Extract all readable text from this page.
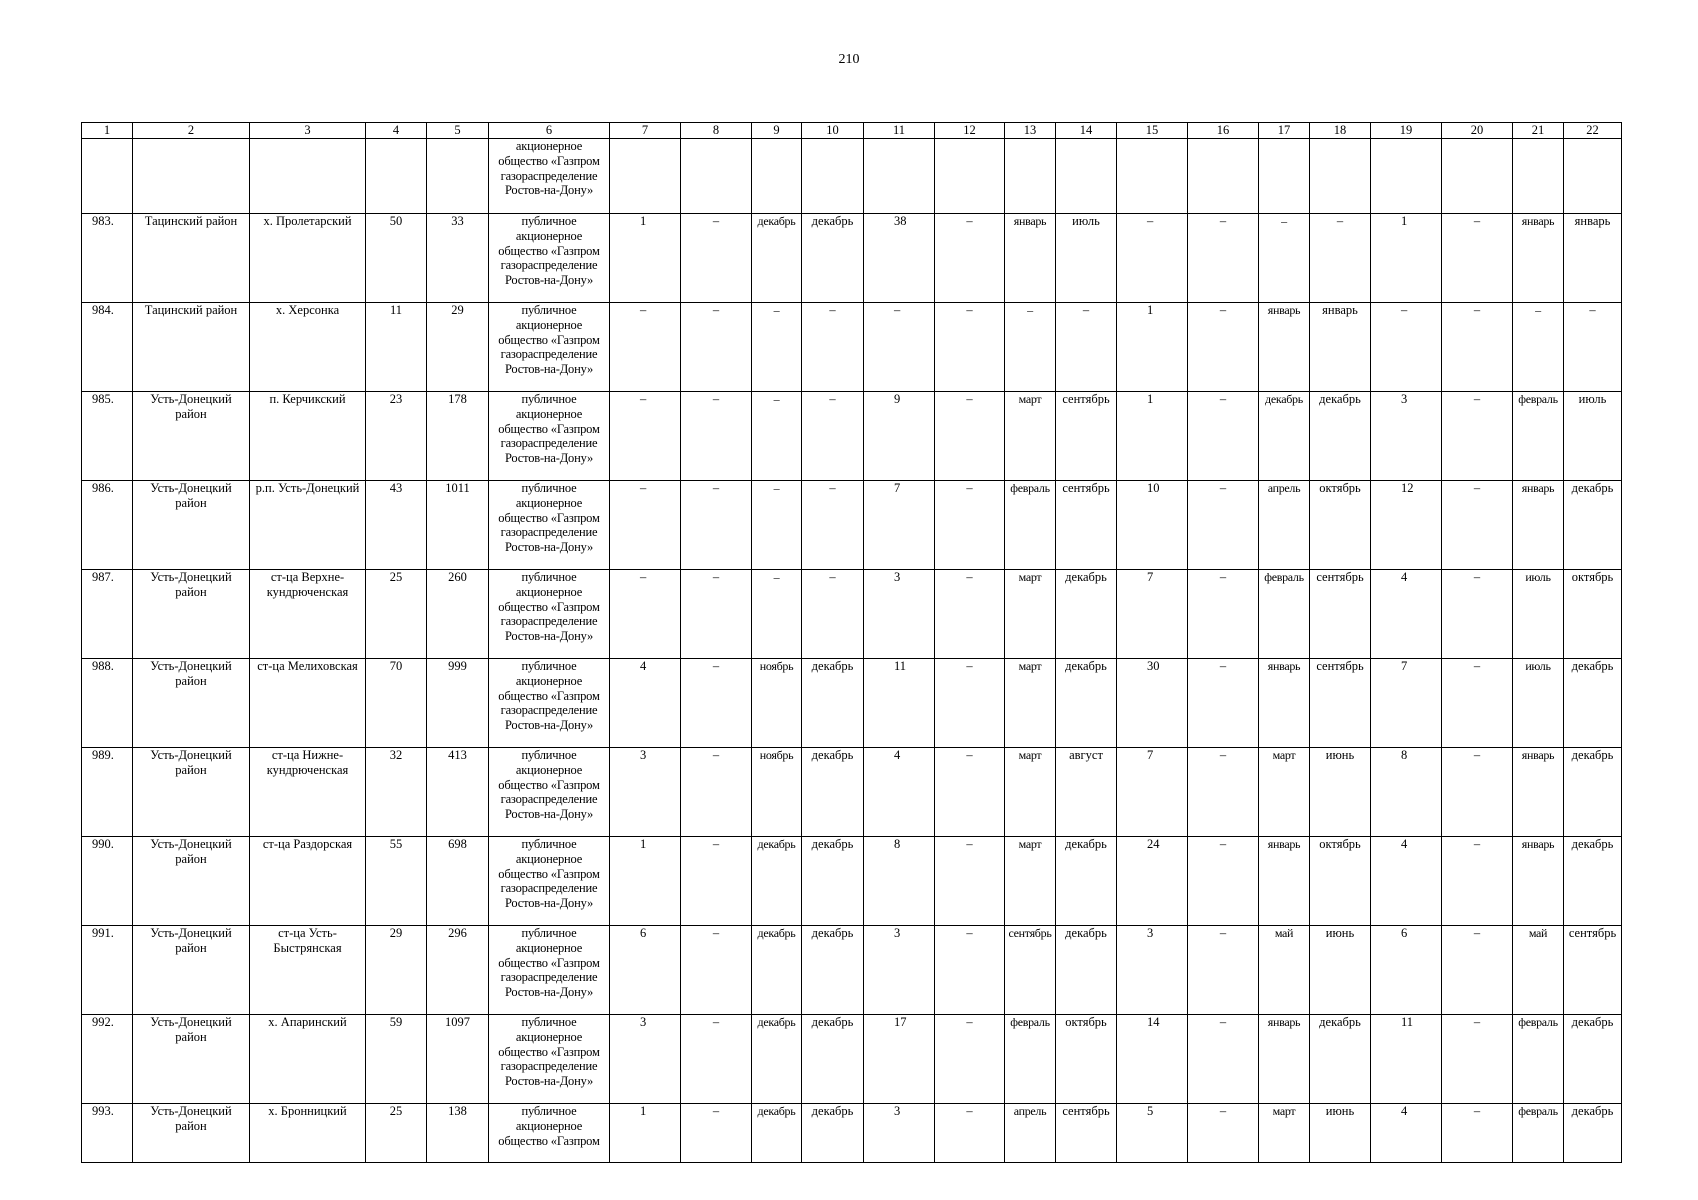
210
1	2	3	4	5	6	7	8	9	10	11	12	13	14	15	16	17	18	19	20	21	22
					акционерное общество «Газпром газораспределение Ростов-на-Дону»																
983.	Тацинский район	х. Пролетарский	50	33	публичное акционерное общество «Газпром газораспределение Ростов-на-Дону»	1	–	декабрь	декабрь	38	–	январь	июль	–	–	–	–	1	–	январь	январь
984.	Тацинский район	х. Херсонка	11	29	публичное акционерное общество «Газпром газораспределение Ростов-на-Дону»	–	–	–	–	–	–	–	–	1	–	январь	январь	–	–	–	–
985.	Усть-Донецкий район	п. Керчикский	23	178	публичное акционерное общество «Газпром газораспределение Ростов-на-Дону»	–	–	–	–	9	–	март	сентябрь	1	–	декабрь	декабрь	3	–	февраль	июль
986.	Усть-Донецкий район	р.п. Усть-Донецкий	43	1011	публичное акционерное общество «Газпром газораспределение Ростов-на-Дону»	–	–	–	–	7	–	февраль	сентябрь	10	–	апрель	октябрь	12	–	январь	декабрь
987.	Усть-Донецкий район	ст-ца Верхне-кундрюченская	25	260	публичное акционерное общество «Газпром газораспределение Ростов-на-Дону»	–	–	–	–	3	–	март	декабрь	7	–	февраль	сентябрь	4	–	июль	октябрь
988.	Усть-Донецкий район	ст-ца Мелиховская	70	999	публичное акционерное общество «Газпром газораспределение Ростов-на-Дону»	4	–	ноябрь	декабрь	11	–	март	декабрь	30	–	январь	сентябрь	7	–	июль	декабрь
989.	Усть-Донецкий район	ст-ца Нижне-кундрюченская	32	413	публичное акционерное общество «Газпром газораспределение Ростов-на-Дону»	3	–	ноябрь	декабрь	4	–	март	август	7	–	март	июнь	8	–	январь	декабрь
990.	Усть-Донецкий район	ст-ца Раздорская	55	698	публичное акционерное общество «Газпром газораспределение Ростов-на-Дону»	1	–	декабрь	декабрь	8	–	март	декабрь	24	–	январь	октябрь	4	–	январь	декабрь
991.	Усть-Донецкий район	ст-ца Усть-Быстрянская	29	296	публичное акционерное общество «Газпром газораспределение Ростов-на-Дону»	6	–	декабрь	декабрь	3	–	сентябрь	декабрь	3	–	май	июнь	6	–	май	сентябрь
992.	Усть-Донецкий район	х. Апаринский	59	1097	публичное акционерное общество «Газпром газораспределение Ростов-на-Дону»	3	–	декабрь	декабрь	17	–	февраль	октябрь	14	–	январь	декабрь	11	–	февраль	декабрь
993.	Усть-Донецкий район	х. Бронницкий	25	138	публичное акционерное общество «Газпром	1	–	декабрь	декабрь	3	–	апрель	сентябрь	5	–	март	июнь	4	–	февраль	декабрь
